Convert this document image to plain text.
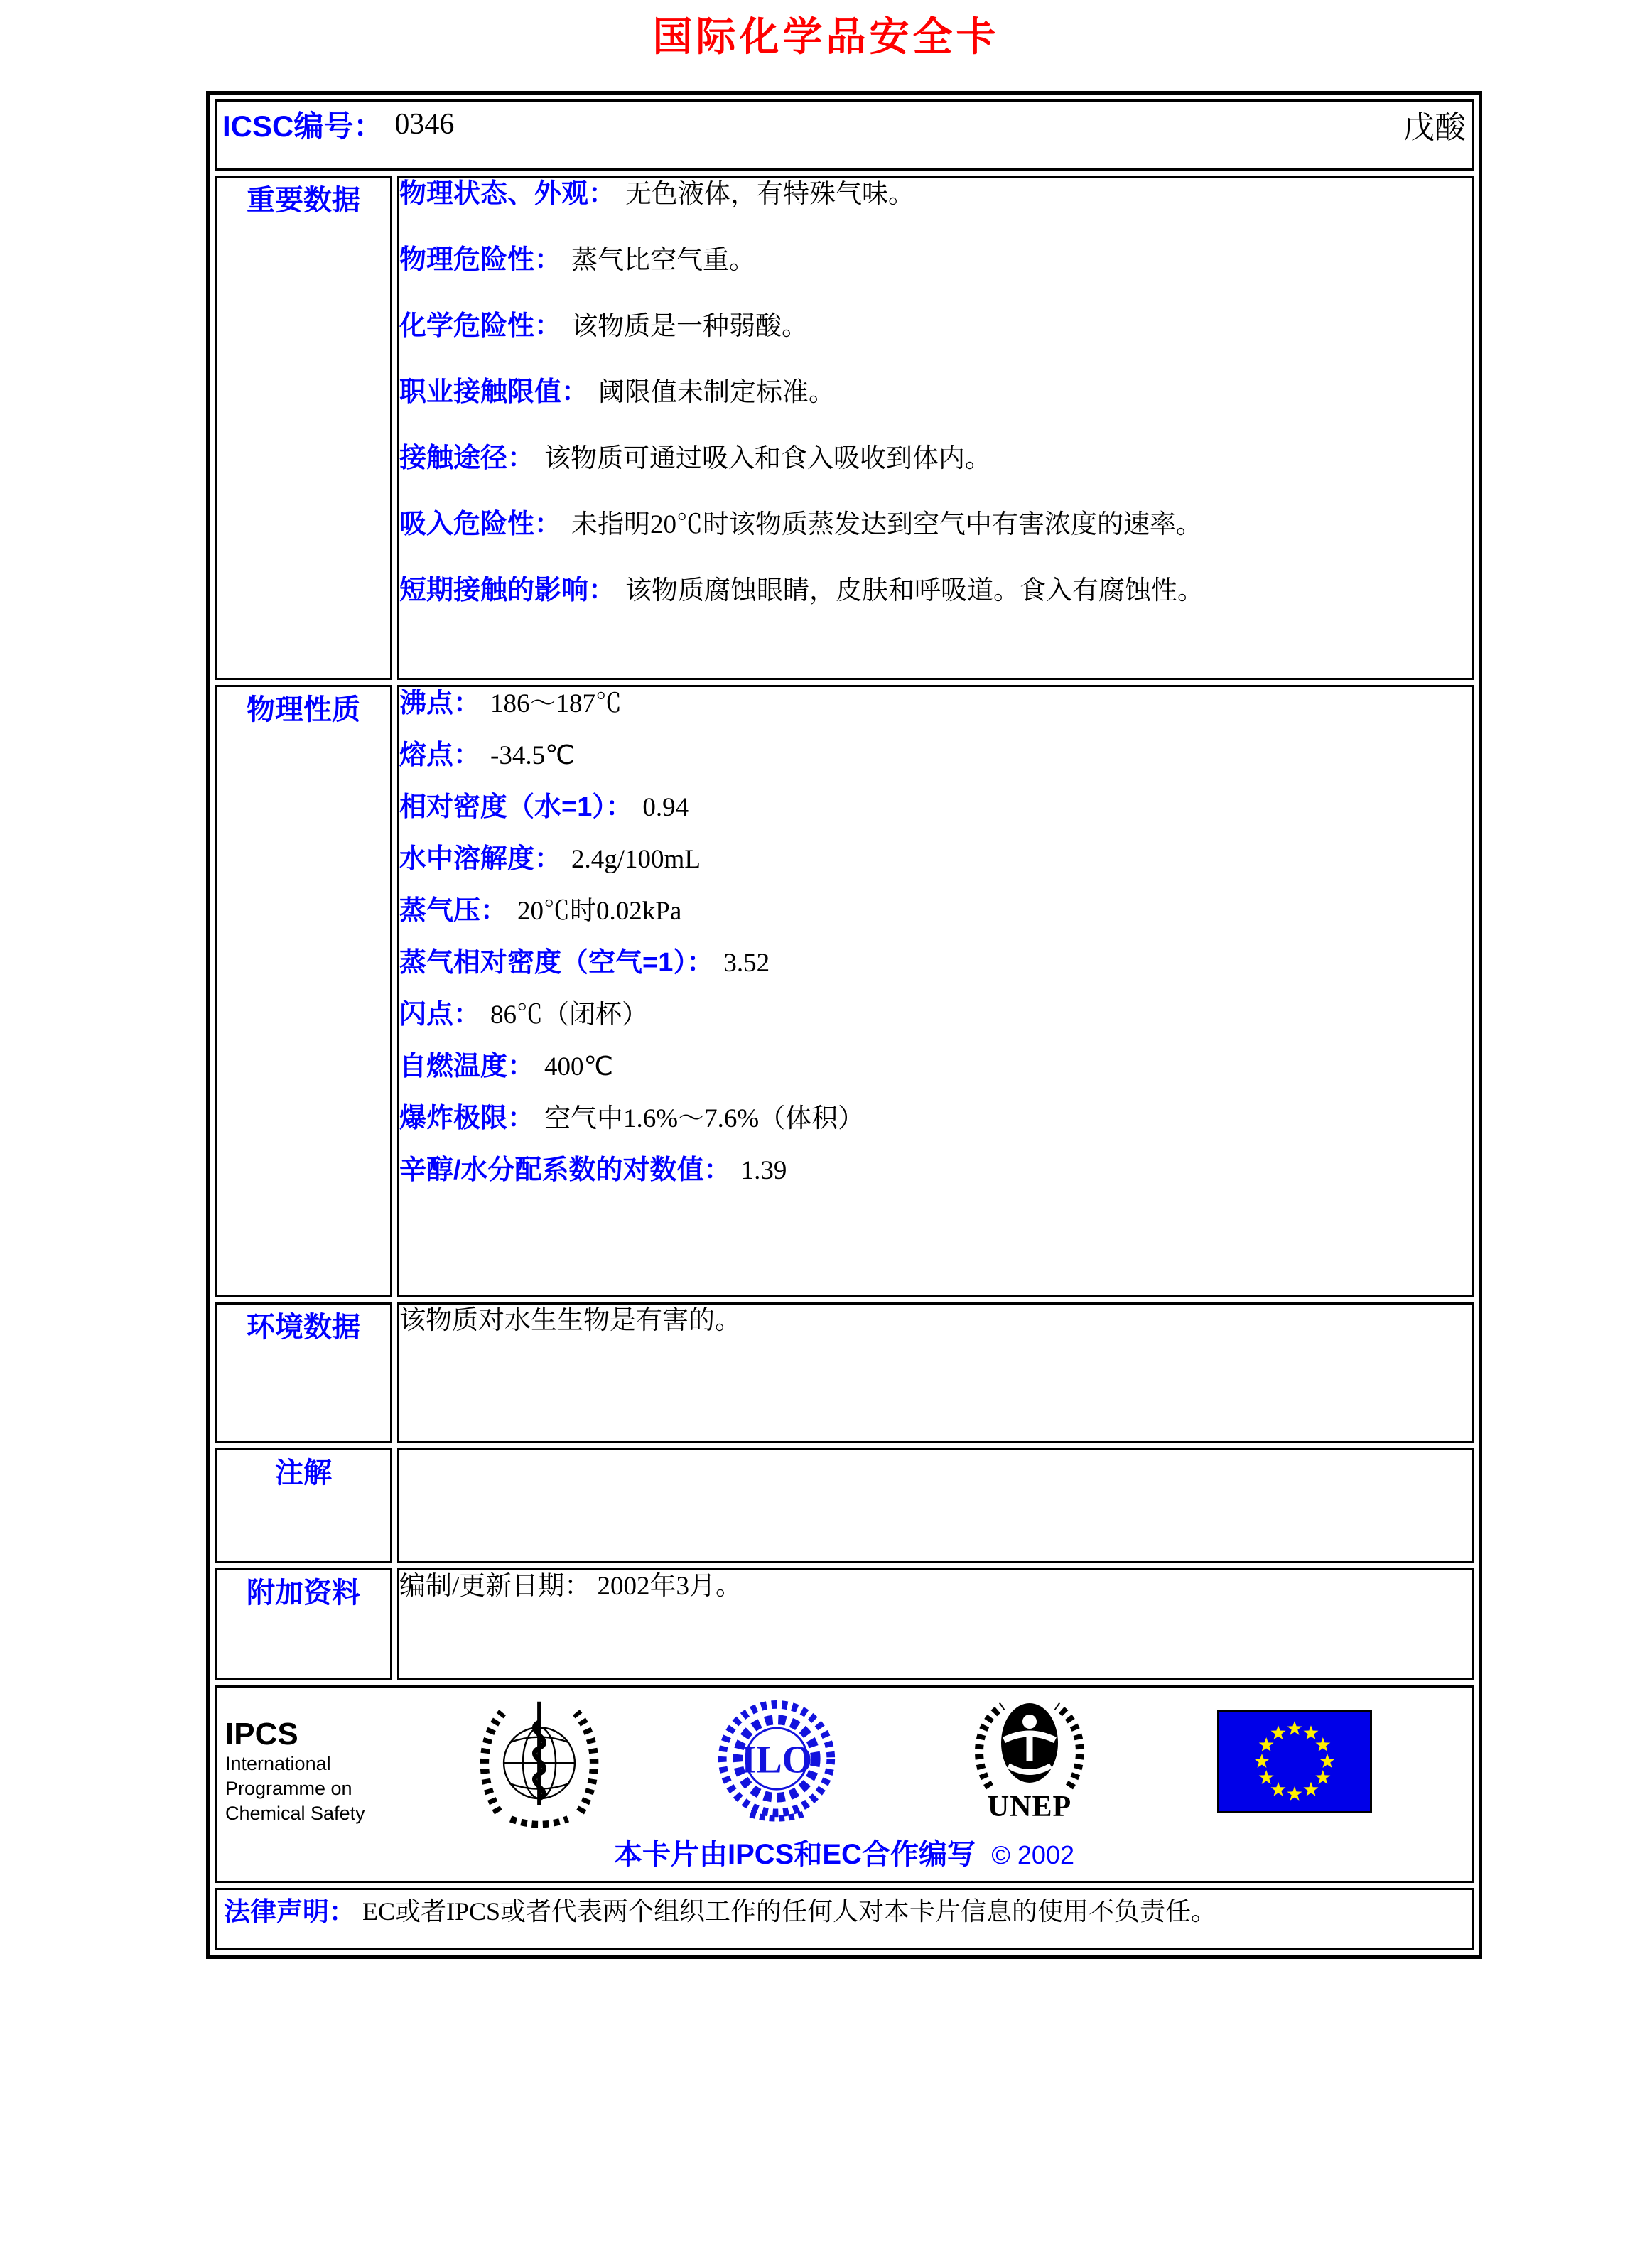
国际化学品安全卡
ICSC编号： 0346 戊酸	

重要数据	物理状态、外观： 无色液体，有特殊气味。

物理危险性： 蒸气比空气重。

化学危险性： 该物质是一种弱酸。

职业接触限值： 阈限值未制定标准。

接触途径： 该物质可通过吸入和食入吸收到体内。

吸入危险性： 未指明20℃时该物质蒸发达到空气中有害浓度的速率。

短期接触的影响： 该物质腐蚀眼睛，皮肤和呼吸道。食入有腐蚀性。

物理性质	沸点： 186～187℃

熔点： -34.5℃

相对密度（水=1）： 0.94

水中溶解度： 2.4g/100mL

蒸气压： 20℃时0.02kPa

蒸气相对密度（空气=1）： 3.52

闪点： 86℃（闭杯）

自燃温度： 400℃

爆炸极限： 空气中1.6%～7.6%（体积）

辛醇/水分配系数的对数值： 1.39

环境数据	该物质对水生生物是有害的。

注解	
附加资料	编制/更新日期： 2002年3月。

IPCS
International
Programme on
Chemical Safety
ILO
UNEP
本卡片由IPCS和EC合作编写 © 2002

法律声明： EC或者IPCS或者代表两个组织工作的任何人对本卡片信息的使用不负责任。	
